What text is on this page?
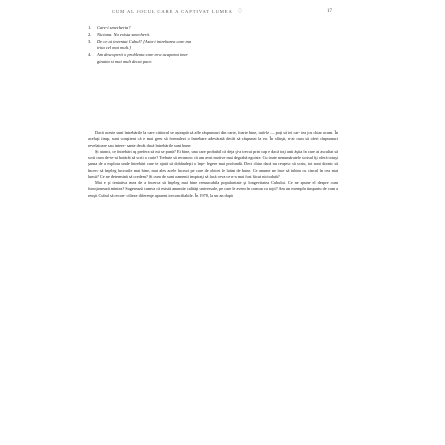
CUM AL JOCUL CARE A CAPTIVAT LUMEA ♢	17
1.	Care-i smecheria?
2.	Niciuna. Nu exista smecherii.
3.	De ce ai inventat Cubul? [Asta-i intrebarea care ma
irita cel mai mult.]
4.	Am descoperit o problema care m-a acaparat ima-
ginatia si mai mult decat pace.

Dacă aceste sunt întrebările la care cititorul se așteaptă să afle răspunsuri din carte, foarte bine, iată-le — poți să iei car- tea jos chiar acum. În acelaşi timp, sunt conştient că e mai greu să formulezi o întrebare adevărată decât să răspunzi la ea. În sfârşit, n-ai cum să oferi răspunsuri revelatoare sau intere- sante decât dacă întrebările sunt bune.

Și atunci, ce întrebări aş prefera să mi se pună? Ei bine, una care probabil că deja ţi-a trecut prin cap e dacă toţi anii ăştia în care ai ascultat să scrii cum de-te-ai hotărât să scrii o carte? Trebuie să recunosc că am avut motive mai degrabă egoiste. Cu toate nenumăratele scrisul îţi oferă totuşi şansa de a explora unde întrebări care te ajută să dobândeşti o înţe- legere mai profundă. Deci chiar dacă nu reuşesc să scriu, tot sunt dornic să încerc să înţeleg lucrurile mai bine, mai ales acele lucruri pe care de obicei le luăm de bune. Ce anume ne face să iubim cu cincul în cea mai lumii? Ce ne determină să credem? Și cum de sunt oamenii inspiraţi să facă ceva ce n-a mai fost făcut niciodată?

Mai e şi tentativa mea de a încerca să înţeleg mai bine remarcabila popularitate şi longevitatea Cubului. Ce ne spune el despre cum funcţionează mintea? Sugerează cumva că există anumite calităţi universale, pe care le avem în comun cu toţii? Am un exemplu timpuriu de cum a reuşit Cubul să recon- cilieze diferenţe aparent ireconciliabile. În 1978, la un an după
